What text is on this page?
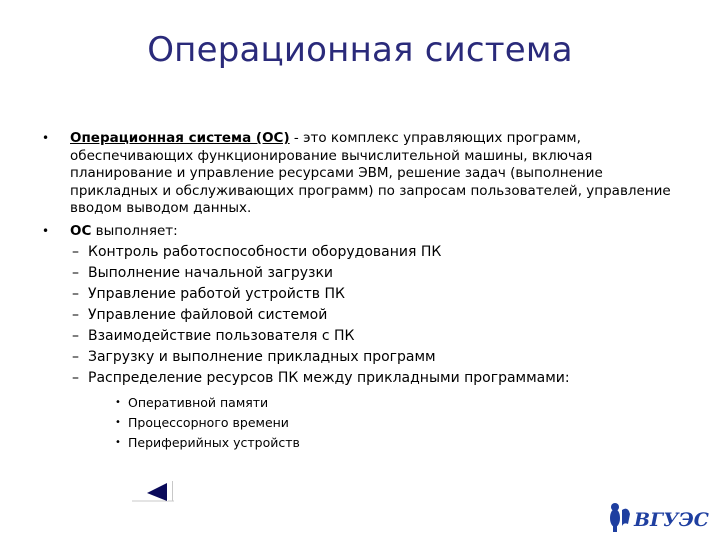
Операционная система
• Операционная система (ОС) - это комплекс управляющих программ, обеспечивающих функционирование вычислительной машины, включая планирование и управление ресурсами ЭВМ, решение задач (выполнение прикладных и обслуживающих программ) по запросам пользователей, управление вводом выводом данных.
• ОС выполняет:
– Контроль работоспособности оборудования ПК
– Выполнение начальной загрузки
– Управление работой устройств ПК
– Управление файловой системой
– Взаимодействие пользователя с ПК
– Загрузку и выполнение прикладных программ
– Распределение ресурсов ПК между прикладными программами:
• Оперативной памяти
• Процессорного времени
• Периферийных устройств
ВГУЭС
